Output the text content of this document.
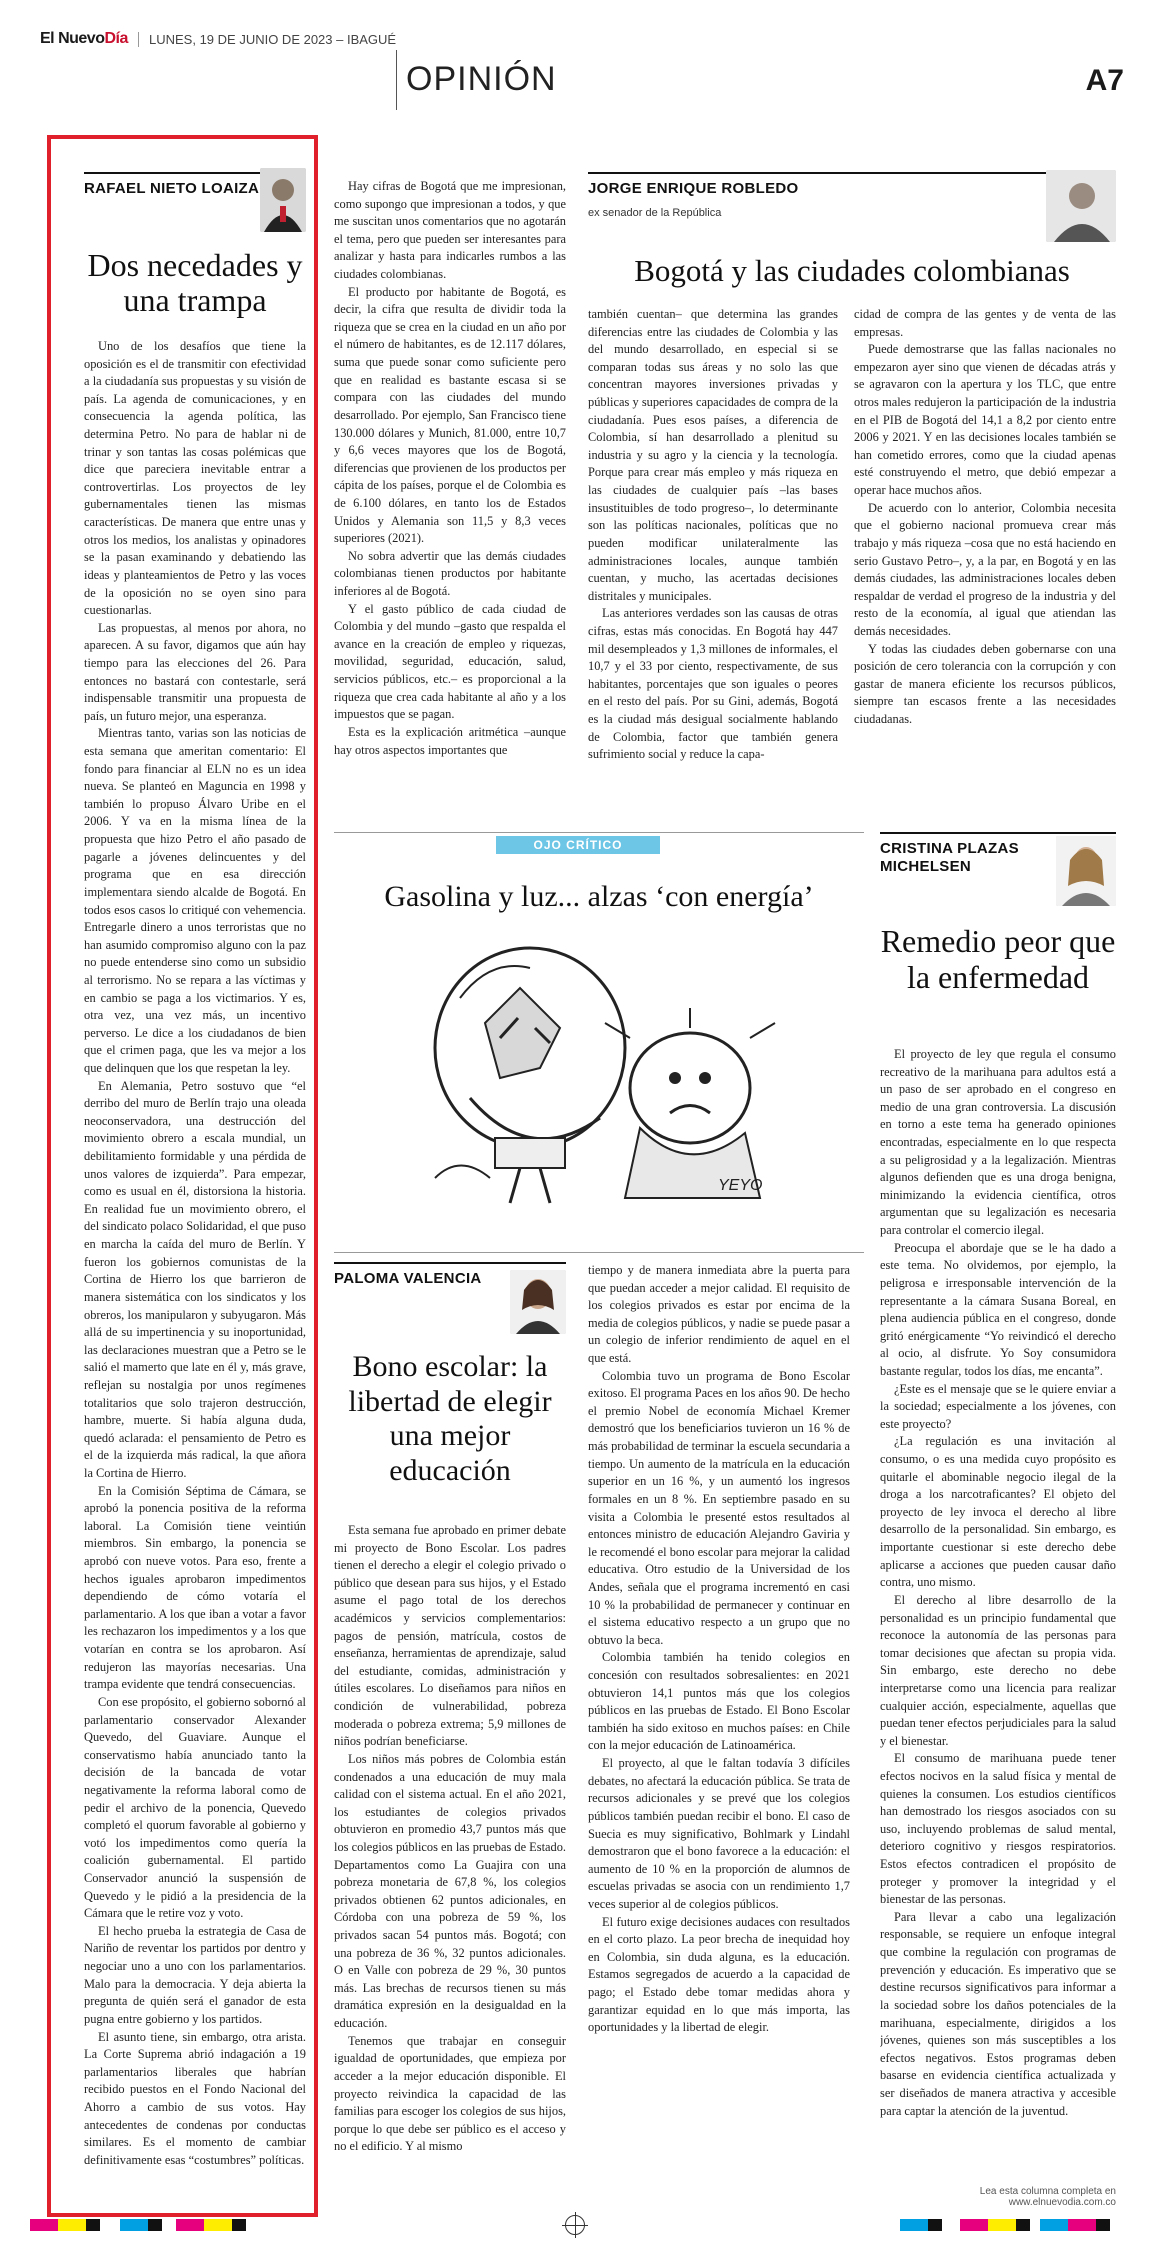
El NuevoDía	LUNES, 19 DE JUNIO DE 2023 – IBAGUÉ
OPINIÓN	A7
RAFAEL NIETO LOAIZA
Dos necedades y una trampa

Uno de los desafíos que tiene la oposición es el de transmitir con efectividad a la ciudadanía sus propuestas y su visión de país. La agenda de comunicaciones, y en consecuencia la agenda política, las determina Petro. No para de hablar ni de trinar y son tantas las cosas polémicas que dice que pareciera inevitable entrar a controvertirlas. Los proyectos de ley gubernamentales tienen las mismas características. De manera que entre unas y otros los medios, los analistas y opinadores se la pasan examinando y debatiendo las ideas y planteamientos de Petro y las voces de la oposición no se oyen sino para cuestionarlas.

Las propuestas, al menos por ahora, no aparecen. A su favor, digamos que aún hay tiempo para las elecciones del 26. Para entonces no bastará con contestarle, será indispensable transmitir una propuesta de país, un futuro mejor, una esperanza.

Mientras tanto, varias son las noticias de esta semana que ameritan comentario: El fondo para financiar al ELN no es un idea nueva. Se planteó en Maguncia en 1998 y también lo propuso Álvaro Uribe en el 2006. Y va en la misma línea de la propuesta que hizo Petro el año pasado de pagarle a jóvenes delincuentes y del programa que en esa dirección implementara siendo alcalde de Bogotá. En todos esos casos lo critiqué con vehemencia. Entregarle dinero a unos terroristas que no han asumido compromiso alguno con la paz no puede entenderse sino como un subsidio al terrorismo. No se repara a las víctimas y en cambio se paga a los victimarios. Y es, otra vez, una vez más, un incentivo perverso. Le dice a los ciudadanos de bien que el crimen paga, que les va mejor a los que delinquen que los que respetan la ley.

En Alemania, Petro sostuvo que “el derribo del muro de Berlín trajo una oleada neoconservadora, una destrucción del movimiento obrero a escala mundial, un debilitamiento formidable y una pérdida de unos valores de izquierda”. Para empezar, como es usual en él, distorsiona la historia. En realidad fue un movimiento obrero, el del sindicato polaco Solidaridad, el que puso en marcha la caída del muro de Berlín. Y fueron los gobiernos comunistas de la Cortina de Hierro los que barrieron de manera sistemática con los sindicatos y los obreros, los manipularon y subyugaron. Más allá de su impertinencia y su inoportunidad, las declaraciones muestran que a Petro se le salió el mamerto que late en él y, más grave, reflejan su nostalgia por unos regímenes totalitarios que solo trajeron destrucción, hambre, muerte. Si había alguna duda, quedó aclarada: el pensamiento de Petro es el de la izquierda más radical, la que añora la Cortina de Hierro.

En la Comisión Séptima de Cámara, se aprobó la ponencia positiva de la reforma laboral. La Comisión tiene veintiún miembros. Sin embargo, la ponencia se aprobó con nueve votos. Para eso, frente a hechos iguales aprobaron impedimentos dependiendo de cómo votaría el parlamentario. A los que iban a votar a favor les rechazaron los impedimentos y a los que votarían en contra se los aprobaron. Así redujeron las mayorías necesarias. Una trampa evidente que tendrá consecuencias.

Con ese propósito, el gobierno sobornó al parlamentario conservador Alexander Quevedo, del Guaviare. Aunque el conservatismo había anunciado tanto la decisión de la bancada de votar negativamente la reforma laboral como de pedir el archivo de la ponencia, Quevedo completó el quorum favorable al gobierno y votó los impedimentos como quería la coalición gubernamental. El partido Conservador anunció la suspensión de Quevedo y le pidió a la presidencia de la Cámara que le retire voz y voto.

El hecho prueba la estrategia de Casa de Nariño de reventar los partidos por dentro y negociar uno a uno con los parlamentarios. Malo para la democracia. Y deja abierta la pregunta de quién será el ganador de esta pugna entre gobierno y los partidos.

El asunto tiene, sin embargo, otra arista. La Corte Suprema abrió indagación a 19 parlamentarios liberales que habrían recibido puestos en el Fondo Nacional del Ahorro a cambio de sus votos. Hay antecedentes de condenas por conductas similares. Es el momento de cambiar definitivamente esas “costumbres” políticas.

Hay cifras de Bogotá que me impresionan, como supongo que impresionan a todos, y que me suscitan unos comentarios que no agotarán el tema, pero que pueden ser interesantes para analizar y hasta para indicarles rumbos a las ciudades colombianas.

El producto por habitante de Bogotá, es decir, la cifra que resulta de dividir toda la riqueza que se crea en la ciudad en un año por el número de habitantes, es de 12.117 dólares, suma que puede sonar como suficiente pero que en realidad es bastante escasa si se compara con las ciudades del mundo desarrollado. Por ejemplo, San Francisco tiene 130.000 dólares y Munich, 81.000, entre 10,7 y 6,6 veces mayores que los de Bogotá, diferencias que provienen de los productos per cápita de los países, porque el de Colombia es de 6.100 dólares, en tanto los de Estados Unidos y Alemania son 11,5 y 8,3 veces superiores (2021).

No sobra advertir que las demás ciudades colombianas tienen productos por habitante inferiores al de Bogotá.

Y el gasto público de cada ciudad de Colombia y del mundo –gasto que respalda el avance en la creación de empleo y riquezas, movilidad, seguridad, educación, salud, servicios públicos, etc.– es proporcional a la riqueza que crea cada habitante al año y a los impuestos que se pagan.

Esta es la explicación aritmética –aunque hay otros aspectos importantes que

JORGE ENRIQUE ROBLEDO
ex senador de la República
Bogotá y las ciudades colombianas

también cuentan– que determina las grandes diferencias entre las ciudades de Colombia y las del mundo desarrollado, en especial si se comparan todas sus áreas y no solo las que concentran mayores inversiones privadas y públicas y superiores capacidades de compra de la ciudadanía. Pues esos países, a diferencia de Colombia, sí han desarrollado a plenitud su industria y su agro y la ciencia y la tecnología. Porque para crear más empleo y más riqueza en las ciudades de cualquier país –las bases insustituibles de todo progreso–, lo determinante son las políticas nacionales, políticas que no pueden modificar unilateralmente las administraciones locales, aunque también cuentan, y mucho, las acertadas decisiones distritales y municipales.

Las anteriores verdades son las causas de otras cifras, estas más conocidas. En Bogotá hay 447 mil desempleados y 1,3 millones de informales, el 10,7 y el 33 por ciento, respectivamente, de sus habitantes, porcentajes que son iguales o peores en el resto del país. Por su Gini, además, Bogotá es la ciudad más desigual socialmente hablando de Colombia, factor que también genera sufrimiento social y reduce la capa-

cidad de compra de las gentes y de venta de las empresas.

Puede demostrarse que las fallas nacionales no empezaron ayer sino que vienen de décadas atrás y se agravaron con la apertura y los TLC, que entre otros males redujeron la participación de la industria en el PIB de Bogotá del 14,1 a 8,2 por ciento entre 2006 y 2021. Y en las decisiones locales también se han cometido errores, como que la ciudad apenas esté construyendo el metro, que debió empezar a operar hace muchos años.

De acuerdo con lo anterior, Colombia necesita que el gobierno nacional promueva crear más trabajo y más riqueza –cosa que no está haciendo en serio Gustavo Petro–, y, a la par, en Bogotá y en las demás ciudades, las administraciones locales deben respaldar de verdad el progreso de la industria y del resto de la economía, al igual que atiendan las demás necesidades.

Y todas las ciudades deben gobernarse con una posición de cero tolerancia con la corrupción y con gastar de manera eficiente los recursos públicos, siempre tan escasos frente a las necesidades ciudadanas.

OJO CRÍTICO
Gasolina y luz... alzas ‘con energía’
YEYO
PALOMA VALENCIA
Bono escolar: la libertad de elegir una mejor educación

Esta semana fue aprobado en primer debate mi proyecto de Bono Escolar. Los padres tienen el derecho a elegir el colegio privado o público que desean para sus hijos, y el Estado asume el pago total de los derechos académicos y servicios complementarios: pagos de pensión, matrícula, costos de enseñanza, herramientas de aprendizaje, salud del estudiante, comidas, administración y útiles escolares. Lo diseñamos para niños en condición de vulnerabilidad, pobreza moderada o pobreza extrema; 5,9 millones de niños podrían beneficiarse.

Los niños más pobres de Colombia están condenados a una educación de muy mala calidad con el sistema actual. En el año 2021, los estudiantes de colegios privados obtuvieron en promedio 43,7 puntos más que los colegios públicos en las pruebas de Estado. Departamentos como La Guajira con una pobreza monetaria de 67,8 %, los colegios privados obtienen 62 puntos adicionales, en Córdoba con una pobreza de 59 %, los privados sacan 54 puntos más. Bogotá; con una pobreza de 36 %, 32 puntos adicionales. O en Valle con pobreza de 29 %, 30 puntos más. Las brechas de recursos tienen su más dramática expresión en la desigualdad en la educación.

Tenemos que trabajar en conseguir igualdad de oportunidades, que empieza por acceder a la mejor educación disponible. El proyecto reivindica la capacidad de las familias para escoger los colegios de sus hijos, porque lo que debe ser público es el acceso y no el edificio. Y al mismo

tiempo y de manera inmediata abre la puerta para que puedan acceder a mejor calidad. El requisito de los colegios privados es estar por encima de la media de colegios públicos, y nadie se puede pasar a un colegio de inferior rendimiento de aquel en el que está.

Colombia tuvo un programa de Bono Escolar exitoso. El programa Paces en los años 90. De hecho el premio Nobel de economía Michael Kremer demostró que los beneficiarios tuvieron un 16 % de más probabilidad de terminar la escuela secundaria a tiempo. Un aumento de la matrícula en la educación superior en un 16 %, y un aumentó los ingresos formales en un 8 %. En septiembre pasado en su visita a Colombia le presenté estos resultados al entonces ministro de educación Alejandro Gaviria y le recomendé el bono escolar para mejorar la calidad educativa. Otro estudio de la Universidad de los Andes, señala que el programa incrementó en casi 10 % la probabilidad de permanecer y continuar en el sistema educativo respecto a un grupo que no obtuvo la beca.

Colombia también ha tenido colegios en concesión con resultados sobresalientes: en 2021 obtuvieron 14,1 puntos más que los colegios públicos en las pruebas de Estado. El Bono Escolar también ha sido exitoso en muchos países: en Chile con la mejor educación de Latinoamérica.

El proyecto, al que le faltan todavía 3 difíciles debates, no afectará la educación pública. Se trata de recursos adicionales y se prevé que los colegios públicos también puedan recibir el bono. El caso de Suecia es muy significativo, Bohlmark y Lindahl demostraron que el bono favorece a la educación: el aumento de 10 % en la proporción de alumnos de escuelas privadas se asocia con un rendimiento 1,7 veces superior al de colegios públicos.

El futuro exige decisiones audaces con resultados en el corto plazo. La peor brecha de inequidad hoy en Colombia, sin duda alguna, es la educación. Estamos segregados de acuerdo a la capacidad de pago; el Estado debe tomar medidas ahora y garantizar equidad en lo que más importa, las oportunidades y la libertad de elegir.

CRISTINA PLAZAS MICHELSEN
Remedio peor que la enfermedad

El proyecto de ley que regula el consumo recreativo de la marihuana para adultos está a un paso de ser aprobado en el congreso en medio de una gran controversia. La discusión en torno a este tema ha generado opiniones encontradas, especialmente en lo que respecta a su peligrosidad y a la legalización. Mientras algunos defienden que es una droga benigna, minimizando la evidencia científica, otros argumentan que su legalización es necesaria para controlar el comercio ilegal.

Preocupa el abordaje que se le ha dado a este tema. No olvidemos, por ejemplo, la peligrosa e irresponsable intervención de la representante a la cámara Susana Boreal, en plena audiencia pública en el congreso, donde gritó enérgicamente “Yo reivindicó el derecho al ocio, al disfrute. Yo Soy consumidora bastante regular, todos los días, me encanta”.

¿Este es el mensaje que se le quiere enviar a la sociedad; especialmente a los jóvenes, con este proyecto?

¿La regulación es una invitación al consumo, o es una medida cuyo propósito es quitarle el abominable negocio ilegal de la droga a los narcotraficantes? El objeto del proyecto de ley invoca el derecho al libre desarrollo de la personalidad. Sin embargo, es importante cuestionar si este derecho debe aplicarse a acciones que pueden causar daño contra, uno mismo.

El derecho al libre desarrollo de la personalidad es un principio fundamental que reconoce la autonomía de las personas para tomar decisiones que afectan su propia vida. Sin embargo, este derecho no debe interpretarse como una licencia para realizar cualquier acción, especialmente, aquellas que puedan tener efectos perjudiciales para la salud y el bienestar.

El consumo de marihuana puede tener efectos nocivos en la salud física y mental de quienes la consumen. Los estudios científicos han demostrado los riesgos asociados con su uso, incluyendo problemas de salud mental, deterioro cognitivo y riesgos respiratorios. Estos efectos contradicen el propósito de proteger y promover la integridad y el bienestar de las personas.

Para llevar a cabo una legalización responsable, se requiere un enfoque integral que combine la regulación con programas de prevención y educación. Es imperativo que se destine recursos significativos para informar a la sociedad sobre los daños potenciales de la marihuana, especialmente, dirigidos a los jóvenes, quienes son más susceptibles a los efectos negativos. Estos programas deben basarse en evidencia científica actualizada y ser diseñados de manera atractiva y accesible para captar la atención de la juventud.

Lea esta columna completa en www.elnuevodia.com.co
